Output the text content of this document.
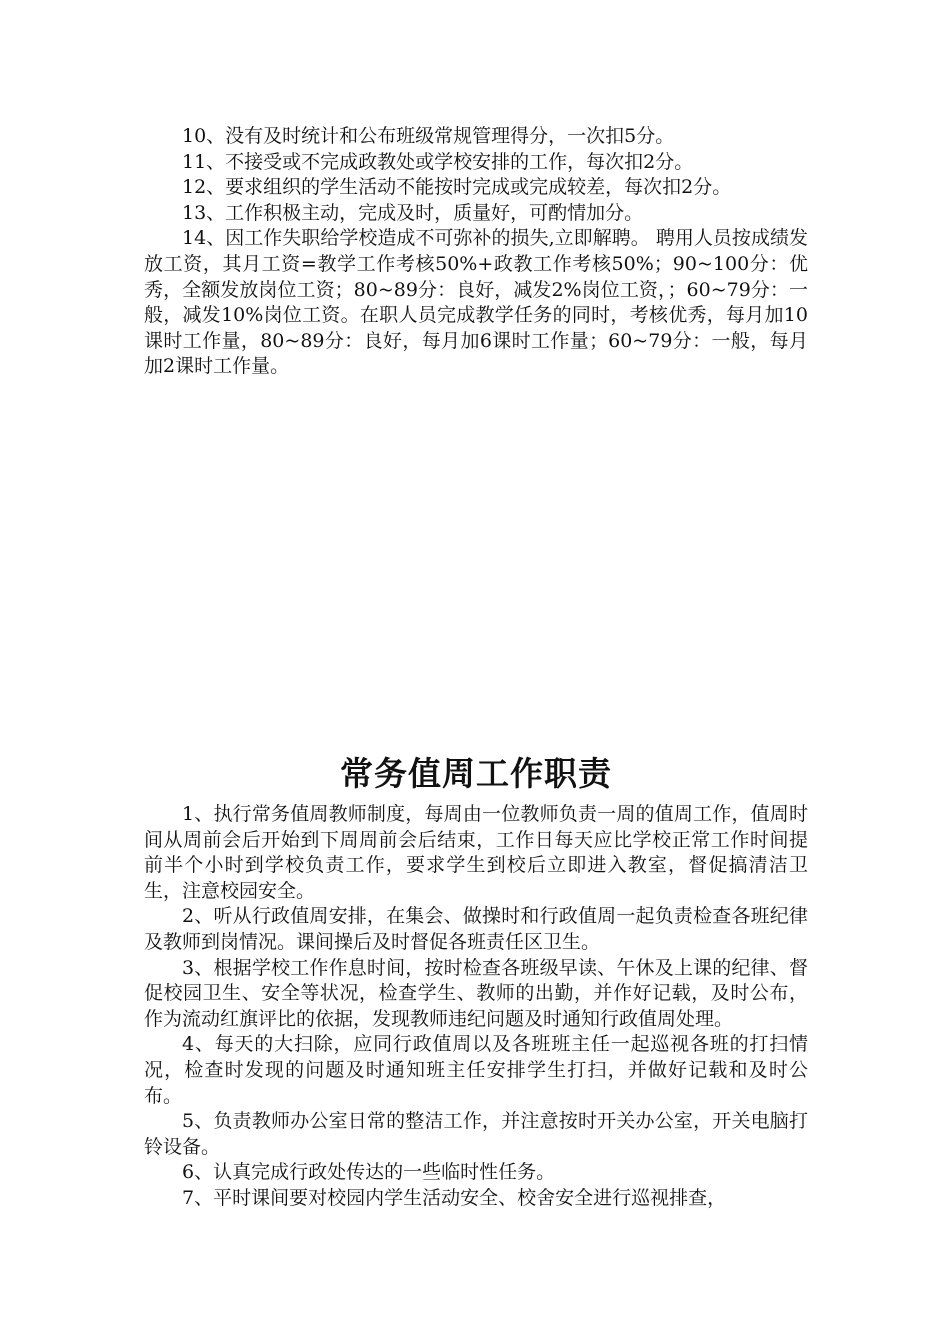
10、没有及时统计和公布班级常规管理得分，一次扣5分。

11、不接受或不完成政教处或学校安排的工作，每次扣2分。

12、要求组织的学生活动不能按时完成或完成较差，每次扣2分。

13、工作积极主动，完成及时，质量好，可酌情加分。

14、因工作失职给学校造成不可弥补的损失,立即解聘。 聘用人员按成绩发放工资，其月工资=教学工作考核50%+政教工作考核50%；90~100分：优秀，全额发放岗位工资；80~89分：良好，减发2%岗位工资，；60~79分：一般，减发10%岗位工资。在职人员完成教学任务的同时，考核优秀，每月加10课时工作量，80~89分：良好，每月加6课时工作量；60~79分：一般，每月加2课时工作量。

常务值周工作职责

1、执行常务值周教师制度，每周由一位教师负责一周的值周工作，值周时间从周前会后开始到下周周前会后结束，工作日每天应比学校正常工作时间提前半个小时到学校负责工作，要求学生到校后立即进入教室，督促搞清洁卫生，注意校园安全。

2、听从行政值周安排，在集会、做操时和行政值周一起负责检查各班纪律及教师到岗情况。课间操后及时督促各班责任区卫生。

3、根据学校工作作息时间，按时检查各班级早读、午休及上课的纪律、督促校园卫生、安全等状况，检查学生、教师的出勤，并作好记载，及时公布，作为流动红旗评比的依据，发现教师违纪问题及时通知行政值周处理。

4、每天的大扫除，应同行政值周以及各班班主任一起巡视各班的打扫情况，检查时发现的问题及时通知班主任安排学生打扫，并做好记载和及时公布。

5、负责教师办公室日常的整洁工作，并注意按时开关办公室，开关电脑打铃设备。

6、认真完成行政处传达的一些临时性任务。

7、平时课间要对校园内学生活动安全、校舍安全进行巡视排查，
